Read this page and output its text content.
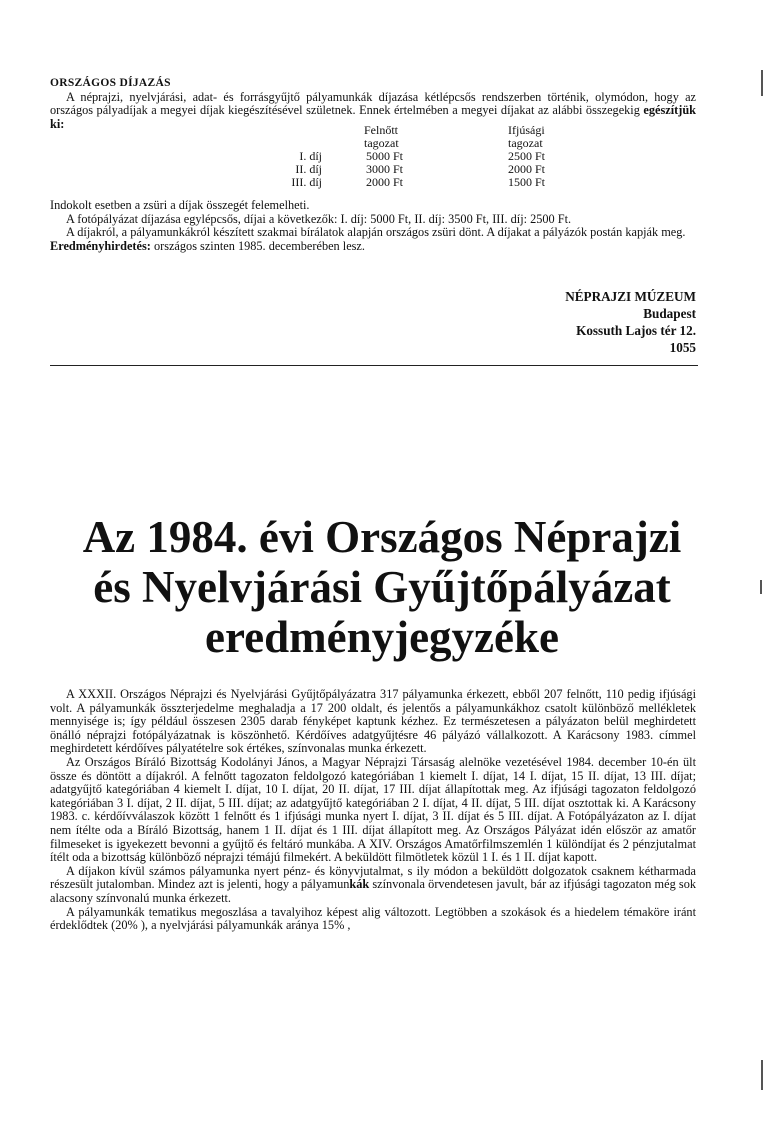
ORSZÁGOS DÍJAZÁS

A néprajzi, nyelvjárási, adat- és forrásgyűjtő pályamunkák díjazása kétlépcsős rendszerben történik, olymódon, hogy az országos pályadíjak a megyei díjak kiegészítésével születnek. Ennek értelmében a megyei díjakat az alábbi összegekig egészítjük ki:

		Felnőtt	Ifjúsági
	tagozat	tagozat
I. díj	5000 Ft	2500 Ft
II. díj	3000 Ft	2000 Ft
III. díj	2000 Ft	1500 Ft

Indokolt esetben a zsüri a díjak összegét felemelheti.

A fotópályázat díjazása egylépcsős, díjai a következők: I. díj: 5000 Ft, II. díj: 3500 Ft, III. díj: 2500 Ft.

A díjakról, a pályamunkákról készített szakmai bírálatok alapján országos zsüri dönt. A díjakat a pályázók postán kapják meg.

Eredményhirdetés: országos szinten 1985. decemberében lesz.

NÉPRAJZI MÚZEUM
Budapest
Kossuth Lajos tér 12.
1055
Az 1984. évi Országos Néprajzi
és Nyelvjárási Gyűjtőpályázat
eredményjegyzéke

A XXXII. Országos Néprajzi és Nyelvjárási Gyűjtőpályázatra 317 pályamunka érkezett, ebből 207 felnőtt, 110 pedig ifjúsági volt. A pályamunkák összterjedelme meghaladja a 17 200 oldalt, és jelentős a pályamunkákhoz csatolt különböző mellékletek mennyisége is; így például összesen 2305 darab fényképet kaptunk kézhez. Ez természetesen a pályázaton belül meghirdetett önálló néprajzi fotópályázatnak is köszönhető. Kérdőíves adatgyűjtésre 46 pályázó vállalkozott. A Karácsony 1983. címmel meghirdetett kérdőíves pályatételre sok értékes, színvonalas munka érkezett.

Az Országos Bíráló Bizottság Kodolányi János, a Magyar Néprajzi Társaság alelnöke vezetésével 1984. december 10-én ült össze és döntött a díjakról. A felnőtt tagozaton feldolgozó kategóriában 1 kiemelt I. díjat, 14 I. díjat, 15 II. díjat, 13 III. díjat; adatgyűjtő kategóriában 4 kiemelt I. díjat, 10 I. díjat, 20 II. díjat, 17 III. díjat állapítottak meg. Az ifjúsági tagozaton feldolgozó kategóriában 3 I. díjat, 2 II. díjat, 5 III. díjat; az adatgyűjtő kategóriában 2 I. díjat, 4 II. díjat, 5 III. díjat osztottak ki. A Karácsony 1983. c. kérdőívválaszok között 1 felnőtt és 1 ifjúsági munka nyert I. díjat, 3 II. díjat és 5 III. díjat. A Fotópályázaton az I. díjat nem ítélte oda a Bíráló Bizottság, hanem 1 II. díjat és 1 III. díjat állapított meg. Az Országos Pályázat idén először az amatőr filmeseket is igyekezett bevonni a gyűjtő és feltáró munkába. A XIV. Országos Amatőrfilmszemlén 1 különdíjat és 2 pénzjutalmat ítélt oda a bizottság különböző néprajzi témájú filmekért. A beküldött filmötletek közül 1 I. és 1 II. díjat kapott.

A díjakon kívül számos pályamunka nyert pénz- és könyvjutalmat, s ily módon a beküldött dolgozatok csaknem kétharmada részesült jutalomban. Mindez azt is jelenti, hogy a pályamunkák színvonala örvendetesen javult, bár az ifjúsági tagozaton még sok alacsony színvonalú munka érkezett.

A pályamunkák tematikus megoszlása a tavalyihoz képest alig változott. Legtöbben a szokások és a hiedelem témaköre iránt érdeklődtek (20% ), a nyelvjárási pályamunkák aránya 15% ,
